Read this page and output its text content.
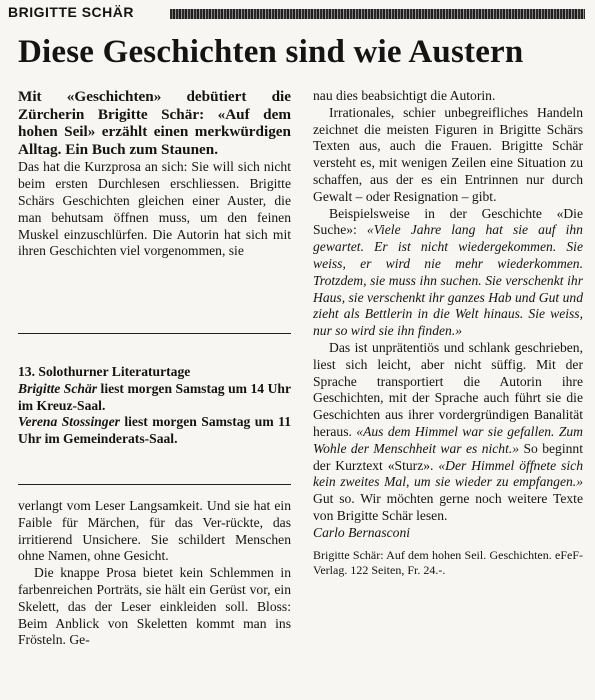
BRIGITTE SCHÄR
Diese Geschichten sind wie Austern

Mit «Geschichten» debütiert die Zürcherin Brigitte Schär: «Auf dem hohen Seil» erzählt einen merkwürdigen Alltag. Ein Buch zum Staunen.

Das hat die Kurzprosa an sich: Sie will sich nicht beim ersten Durchlesen erschliessen. Brigitte Schärs Geschichten gleichen einer Auster, die man behutsam öffnen muss, um den feinen Muskel einzuschlürfen. Die Autorin hat sich mit ihren Geschichten viel vorgenommen, sie

13. Solothurner Literaturtage

Brigitte Schär liest morgen Samstag um 14 Uhr im Kreuz-Saal.

Verena Stossinger liest morgen Samstag um 11 Uhr im Gemeinderats-Saal.

verlangt vom Leser Langsamkeit. Und sie hat ein Faible für Märchen, für das Ver-rückte, das irritierend Unsichere. Sie schildert Menschen ohne Namen, ohne Gesicht.

Die knappe Prosa bietet kein Schlemmen in farbenreichen Porträts, sie hält ein Gerüst vor, ein Skelett, das der Leser einkleiden soll. Bloss: Beim Anblick von Skeletten kommt man ins Frösteln. Ge-

nau dies beabsichtigt die Autorin.

Irrationales, schier unbegreifliches Handeln zeichnet die meisten Figuren in Brigitte Schärs Texten aus, auch die Frauen. Brigitte Schär versteht es, mit wenigen Zeilen eine Situation zu schaffen, aus der es ein Entrinnen nur durch Gewalt – oder Resignation – gibt.

Beispielsweise in der Geschichte «Die Suche»: «Viele Jahre lang hat sie auf ihn gewartet. Er ist nicht wiedergekommen. Sie weiss, er wird nie mehr wiederkommen. Trotzdem, sie muss ihn suchen. Sie verschenkt ihr Haus, sie verschenkt ihr ganzes Hab und Gut und zieht als Bettlerin in die Welt hinaus. Sie weiss, nur so wird sie ihn finden.»

Das ist unprätentiös und schlank geschrieben, liest sich leicht, aber nicht süffig. Mit der Sprache transportiert die Autorin ihre Geschichten, mit der Sprache auch führt sie die Geschichten aus ihrer vordergründigen Banalität heraus. «Aus dem Himmel war sie gefallen. Zum Wohle der Menschheit war es nicht.» So beginnt der Kurztext «Sturz». «Der Himmel öffnete sich kein zweites Mal, um sie wieder zu empfangen.» Gut so. Wir möchten gerne noch weitere Texte von Brigitte Schär lesen.

Carlo Bernasconi

Brigitte Schär: Auf dem hohen Seil. Geschichten. eFeF-Verlag. 122 Seiten, Fr. 24.-.
